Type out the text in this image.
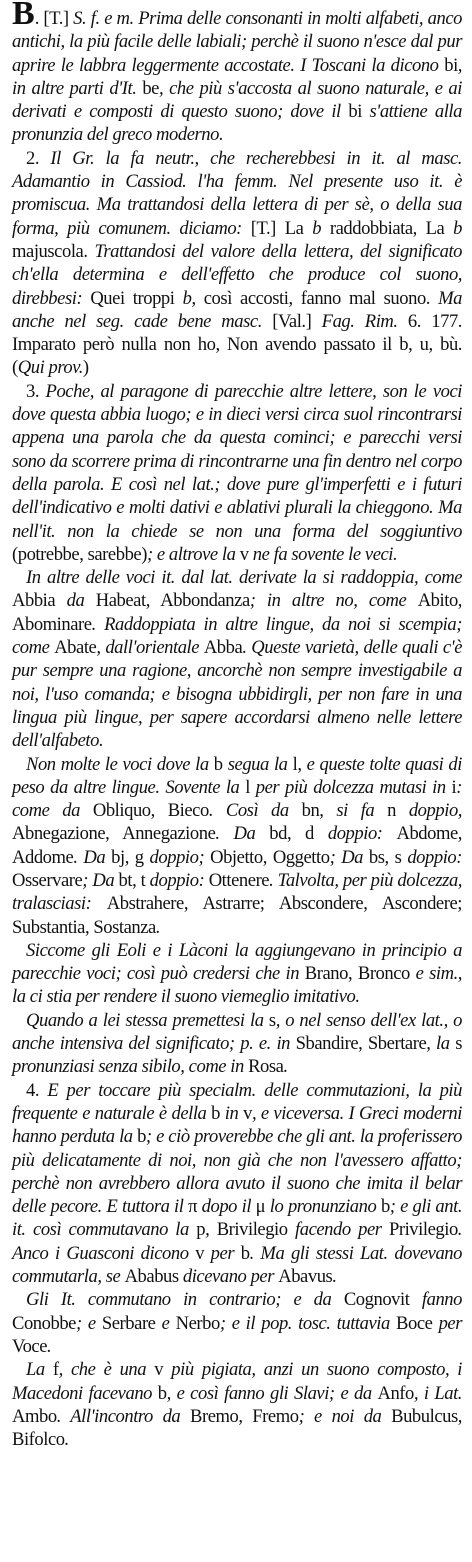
B. [T.] S. f. e m. Prima delle consonanti in molti alfabeti, anco antichi, la più facile delle labiali; perchè il suono n'esce dal pur aprire le labbra leggermente accostate. I Toscani la dicono bi, in altre parti d'It. be, che più s'accosta al suono naturale, e ai derivati e composti di questo suono; dove il bi s'attiene alla pronunzia del greco moderno.

2. Il Gr. la fa neutr., che recherebbesi in it. al masc. Adamantio in Cassiod. l'ha femm. Nel presente uso it. è promiscua. Ma trattandosi della lettera di per sè, o della sua forma, più comunem. diciamo: [T.] La b raddobbiata, La b majuscola. Trattandosi del valore della lettera, del significato ch'ella determina e dell'effetto che produce col suono, direbbesi: Quei troppi b, così accosti, fanno mal suono. Ma anche nel seg. cade bene masc. [Val.] Fag. Rim. 6. 177. Imparato però nulla non ho, Non avendo passato il b, u, bù. (Qui prov.)

3. Poche, al paragone di parecchie altre lettere, son le voci dove questa abbia luogo; e in dieci versi circa suol rincontrarsi appena una parola che da questa cominci; e parecchi versi sono da scorrere prima di rincontrarne una fin dentro nel corpo della parola. E così nel lat.; dove pure gl'imperfetti e i futuri dell'indicativo e molti dativi e ablativi plurali la chieggono. Ma nell'it. non la chiede se non una forma del soggiuntivo (potrebbe, sarebbe); e altrove la v ne fa sovente le veci.

In altre delle voci it. dal lat. derivate la si raddoppia, come Abbia da Habeat, Abbondanza; in altre no, come Abito, Abominare. Raddoppiata in altre lingue, da noi si scempia; come Abate, dall'orientale Abba. Queste varietà, delle quali c'è pur sempre una ragione, ancorchè non sempre investigabile a noi, l'uso comanda; e bisogna ubbidirgli, per non fare in una lingua più lingue, per sapere accordarsi almeno nelle lettere dell'alfabeto.

Non molte le voci dove la b segua la l, e queste tolte quasi di peso da altre lingue. Sovente la l per più dolcezza mutasi in i: come da Obliquo, Bieco. Così da bn, si fa n doppio, Abnegazione, Annegazione. Da bd, d doppio: Abdome, Addome. Da bj, g doppio; Objetto, Oggetto; Da bs, s doppio: Osservare; Da bt, t doppio: Ottenere. Talvolta, per più dolcezza, tralasciasi: Abstrahere, Astrarre; Abscondere, Ascondere; Substantia, Sostanza.

Siccome gli Eoli e i Làconi la aggiungevano in principio a parecchie voci; così può credersi che in Brano, Bronco e sim., la ci stia per rendere il suono viemeglio imitativo.

Quando a lei stessa premettesi la s, o nel senso dell'ex lat., o anche intensiva del significato; p. e. in Sbandire, Sbertare, la s pronunziasi senza sibilo, come in Rosa.

4. E per toccare più specialm. delle commutazioni, la più frequente e naturale è della b in v, e viceversa. I Greci moderni hanno perduta la b; e ciò proverebbe che gli ant. la proferissero più delicatamente di noi, non già che non l'avessero affatto; perchè non avrebbero allora avuto il suono che imita il belar delle pecore. E tuttora il π dopo il μ lo pronunziano b; e gli ant. it. così commutavano la p, Brivilegio facendo per Privilegio. Anco i Guasconi dicono v per b. Ma gli stessi Lat. dovevano commutarla, se Ababus dicevano per Abavus.

Gli It. commutano in contrario; e da Cognovit fanno Conobbe; e Serbare e Nerbo; e il pop. tosc. tuttavia Boce per Voce.

La f, che è una v più pigiata, anzi un suono composto, i Macedoni facevano b, e così fanno gli Slavi; e da Anfo, i Lat. Ambo. All'incontro da Bremo, Fremo; e noi da Bubulcus, Bifolco.
